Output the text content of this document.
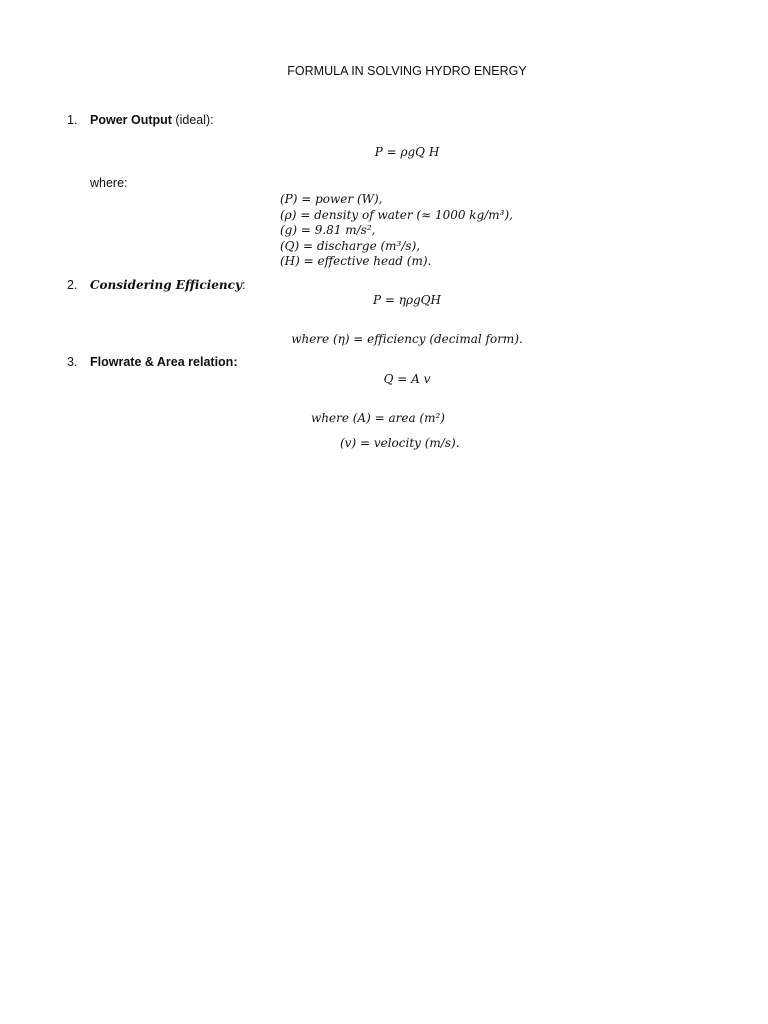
FORMULA IN SOLVING HYDRO ENERGY
1. Power Output (ideal):
P = ρgQ H
where:
(P) = power (W),
(ρ) = density of water (≈ 1000 kg/m³),
(g) = 9.81 m/s²,
(Q) = discharge (m³/s),
(H) = effective head (m).
2. Considering Efficiency:
P = ηρgQH
where (η) = efficiency (decimal form).
3. Flowrate & Area relation:
Q = A v
where (A) = area (m²)
(v) = velocity (m/s).
